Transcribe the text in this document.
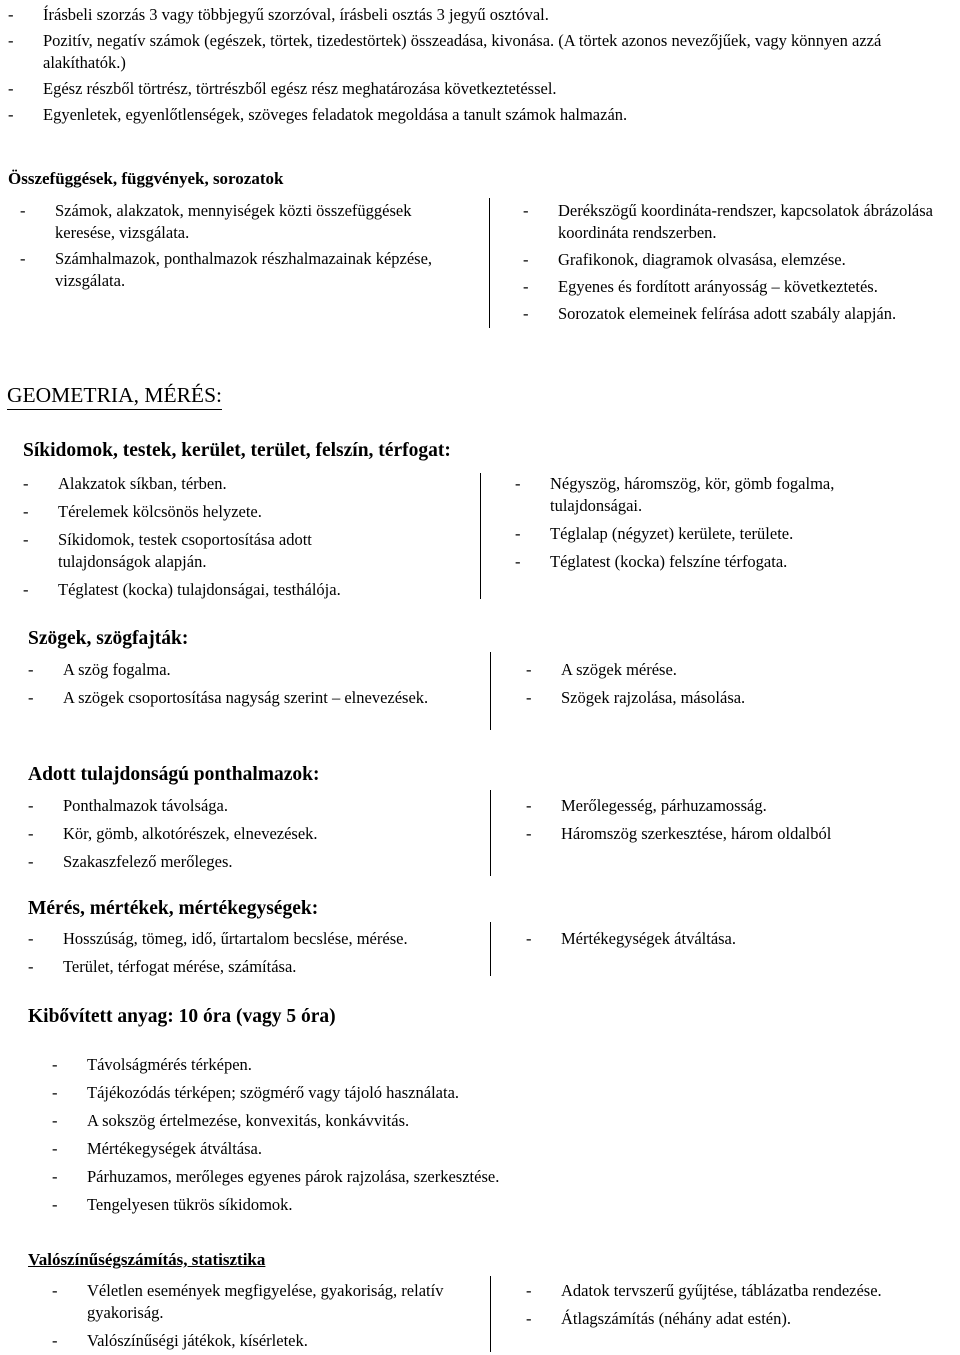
- Írásbeli szorzás 3 vagy többjegyű szorzóval, írásbeli osztás 3 jegyű osztóval.
- Pozitív, negatív számok (egészek, törtek, tizedestörtek) összeadása, kivonása. (A törtek azonos nevezőjűek, vagy könnyen azzá alakíthatók.)
- Egész részből törtrész, törtrészből egész rész meghatározása következtetéssel.
- Egyenletek, egyenlőtlenségek, szöveges feladatok megoldása a tanult számok halmazán.
Összefüggések, függvények, sorozatok
- Számok, alakzatok, mennyiségek közti összefüggések keresése, vizsgálata.
- Számhalmazok, ponthalmazok részhalmazainak képzése, vizsgálata.
- Derékszögű koordináta-rendszer, kapcsolatok ábrázolása koordináta rendszerben.
- Grafikonok, diagramok olvasása, elemzése.
- Egyenes és fordított arányosság – következtetés.
- Sorozatok elemeinek felírása adott szabály alapján.
GEOMETRIA, MÉRÉS:
Síkidomok, testek, kerület, terület, felszín, térfogat:
- Alakzatok síkban, térben.
- Térelemek kölcsönös helyzete.
- Síkidomok, testek csoportosítása adott tulajdonságok alapján.
- Téglatest (kocka) tulajdonságai, testhálója.
- Négyszög, háromszög, kör, gömb fogalma, tulajdonságai.
- Téglalap (négyzet) kerülete, területe.
- Téglatest (kocka) felszíne térfogata.
Szögek, szögfajták:
- A szög fogalma.
- A szögek csoportosítása nagyság szerint – elnevezések.
- A szögek mérése.
- Szögek rajzolása, másolása.
Adott tulajdonságú ponthalmazok:
- Ponthalmazok távolsága.
- Kör, gömb, alkotórészek, elnevezések.
- Szakaszfelező merőleges.
- Merőlegesség, párhuzamosság.
- Háromszög szerkesztése, három oldalból
Mérés, mértékek, mértékegységek:
- Hosszúság, tömeg, idő, űrtartalom becslése, mérése.
- Terület, térfogat mérése, számítása.
- Mértékegységek átváltása.
Kibővített anyag: 10 óra (vagy 5 óra)
- Távolságmérés térképen.
- Tájékozódás térképen; szögmérő vagy tájoló használata.
- A sokszög értelmezése, konvexitás, konkávvitás.
- Mértékegységek átváltása.
- Párhuzamos, merőleges egyenes párok rajzolása, szerkesztése.
- Tengelyesen tükrös síkidomok.
Valószínűségszámítás, statisztika
- Véletlen események megfigyelése, gyakoriság, relatív gyakoriság.
- Valószínűségi játékok, kísérletek.
- Adatok tervszerű gyűjtése, táblázatba rendezése.
- Átlagszámítás (néhány adat estén).
